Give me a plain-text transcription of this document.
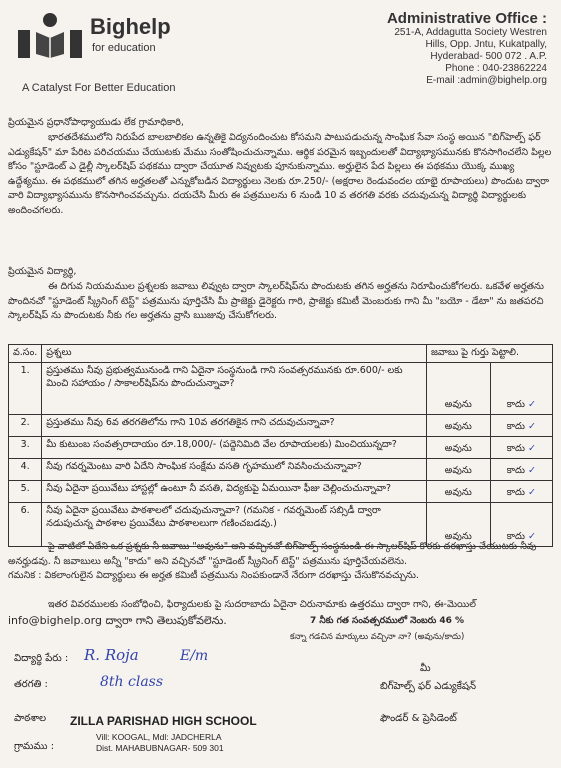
Bighelp
for education
A Catalyst For Better Education
Administrative Office :
251-A, Addagutta Society Westren
Hills, Opp. Jntu, Kukatpally,
Hyderabad- 500 072 . A.P.
Phone : 040-23862224
E-mail :admin@bighelp.org
ప్రియమైన ప్రధానోపాధ్యాయుడు లేక గ్రామాధికారి,
భారతదేశములోని నిరుపేద బాలబాలికల ఉన్నతికై విద్యనందించుట కోసమని పాటుపడుచున్న సాంఘిక సేవా సంస్థ అయిన "బిగ్‌హెల్ప్ ఫర్ ఎడ్యుకేషన్" మా పేరిట పరిచయము చేయుటకు మేము సంతోషించుచున్నాము. ఆర్థిక పరమైన ఇబ్బందులతో విద్యాభ్యాసమునకు కొనసాగించలేని పిల్లల కోసం "స్టూడెంట్ ఎ డైల్లీ స్కాలర్‌షిప్ పథకము ద్వారా చేయూత నివ్వుటకు పూనుకున్నాము. అర్హులైన పేద పిల్లలు ఈ పథకము యొక్క ముఖ్య ఉద్దేశ్యము. ఈ పథకములో తగిన అర్హతలతో ఎన్నుకోబడిన విద్యార్థులు నెలకు రూ.250/- (అక్షరాల రెండువందల యాభై రూపాయలు) పొందుట ద్వారా వారి విద్యాభ్యాసమును కొనసాగించవచ్చును. దయచేసి మీరు ఈ పత్రములను 6 నుండి 10 వ తరగతి వరకు చదువుచున్న విద్యార్థి విద్యార్థులకు అందించగలరు.
ప్రియమైన విద్యార్థి,
ఈ దిగువ నియమముల ప్రశ్నలకు జవాబు లివ్వుట ద్వారా స్కాలర్‌షిప్‌ను పొందుటకు తగిన అర్హతను నిరూపించుకోగలరు. ఒకవేళ అర్హతను పొందినచో "స్టూడెంట్ స్క్రీనింగ్ టెస్ట్" పత్రమును పూర్తిచేసి మీ ప్రాజెక్టు డైరెక్టరు గారి, ప్రాజెక్టు కమిటీ మెంబరుకు గాని మీ "బయో - డేటా" ను జతపరచి స్కాలర్‌షిప్ ను పొందుటకు నీకు గల అర్హతను వ్రాసి ఋజువు చేసుకోగలరు.
వ.సం.	ప్రశ్నలు	జవాబు పై గుర్తు పెట్టాలి.	
1.	ప్రస్తుతము నీవు ప్రభుత్వమునుండి గాని ఏదైనా సంస్థనుండి గాని సంవత్సరమునకు రూ.600/- లకు మించి సహాయం / సాకాలర్‌షిప్‌ను పొందుచున్నావా?	అవును	కాదు ✓
2.	ప్రస్తుతము నీవు 6వ తరగతిలోను గాని 10వ తరగతికైన గాని చదువుచున్నావా?	అవును	కాదు ✓
3.	మీ కుటుంబ సంవత్సరాదాయం రూ.18,000/- (పద్దెనిమిది వేల రూపాయలకు) మించియున్నదా?	అవును	కాదు ✓
4.	నీవు గవర్నమెంటు వారి ఏదేని సాంఘిక సంక్షేమ వసతి గృహములో నివసించుచున్నావా?	అవును	కాదు ✓
5.	నీవు ఏదైనా ప్రయివేటు హాస్టల్లో ఉంటూ నీ వసతి, విద్యకుపై ఏమయినా ఫీజు చెల్లించుచున్నావా?	అవును	కాదు ✓
6.	నీవు ఏదైనా ప్రయివేటు పాఠశాలలో చదువుచున్నావా? (గమనిక - గవర్నమెంట్ సబ్సిడీ ద్వారా నడుపుచున్న పాఠశాల ప్రయివేటు పాఠశాలలుగా గణించబడవు.)	అవును	కాదు ✓
పై వాటిలో ఏదేని ఒక ప్రశ్నకు నీ జవాబు "అవును" అని వచ్చినచో బిగ్‌హెల్ప్ సంస్థనుండి ఈ స్కాలర్‌షిప్ కొరకు దరఖాస్తు చేయుటకు నీవు అనర్హుడవు. నీ జవాబులు అన్నీ "కాదు" అని వచ్చినచో "స్టూడెంట్ స్క్రీనింగ్ టెస్ట్" పత్రమును పూర్తిచేయవలెను.
గమనిక : వికలాంగులైన విద్యార్థులు ఈ అర్హత కమిటీ పత్రమును నింపకుండానే నేరుగా దరఖాస్తు చేసుకొనవచ్చును.
ఇతర వివరములకు సంబోధించి, ఫిర్యాదులకు పై సుదరాబాదు ఏదైనా చిరునామాకు ఉత్తరము ద్వారా గాని, ఈ-మెయిల్
info@bighelp.org ద్వారా గాని తెలుపుకోవలెను.	7 నీకు గత సంవత్సరములో నెంబరు 46 %
కన్నా గడచిన మార్కులు వచ్చినా నా? (అవును/కాదు)
విద్యార్థి పేరు : R. Roja	E/m
మీ
తరగతి :	8th class	బిగ్‌హెల్ప్ ఫర్ ఎడ్యుకేషన్
పాఠశాల ZILLA PARISHAD HIGH SCHOOL
Vill: KOOGAL, Mdl: JADCHERLA
Dist. MAHABUBNAGAR- 509 301
ఫౌండర్ & ప్రెసిడెంట్
గ్రామము :
